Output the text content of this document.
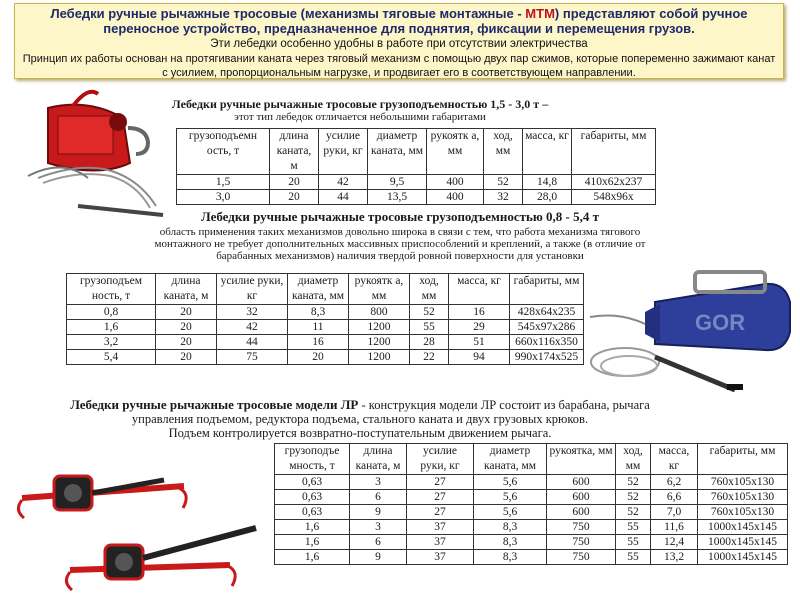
Лебедки ручные рычажные тросовые (механизмы тяговые монтажные - МТМ) представляют собой ручное переносное устройство, предназначенное для поднятия, фиксации и перемещения грузов.
Эти лебедки особенно удобны в работе при отсутствии электричества
Принцип их работы основан на протягивании каната через тяговый механизм с помощью двух пар сжимов, которые попеременно зажимают канат с усилием, пропорциональным нагрузке, и продвигает его в соответствующем направлении.
Лебедки ручные рычажные тросовые грузоподъемностью 1,5 - 3,0 т –
этот тип лебедок отличается небольшими габаритами
грузоподъемн ость, т	длина каната, м	усилие руки, кг	диаметр каната, мм	рукоятк а, мм	ход, мм	масса, кг	габариты, мм
1,5	20	42	9,5	400	52	14,8	410х62х237
3,0	20	44	13,5	400	32	28,0	548х96х
Лебедки ручные рычажные тросовые грузоподъемностью 0,8 - 5,4 т
область применения таких механизмов довольно широка в связи с тем, что работа механизма тягового монтажного не требует дополнительных массивных приспособлений и креплений, а также (в отличие от барабанных механизмов) наличия твердой ровной поверхности для установки
грузоподъем ность, т	длина каната, м	усилие руки, кг	диаметр каната, мм	рукоятк а, мм	ход, мм	масса, кг	габариты, мм
0,8	20	32	8,3	800	52	16	428х64х235
1,6	20	42	11	1200	55	29	545х97х286
3,2	20	44	16	1200	28	51	660х116х350
5,4	20	75	20	1200	22	94	990х174х525
GOR
Лебедки ручные рычажные тросовые модели ЛР - конструкция модели ЛР состоит из барабана, рычага управления подъемом, редуктора подъема, стального каната и двух грузовых крюков.
Подъем контролируется возвратно-поступательным движением рычага.
грузоподъе мность, т	длина каната, м	усилие руки, кг	диаметр каната, мм	рукоятка, мм	ход, мм	масса, кг	габариты, мм
0,63	3	27	5,6	600	52	6,2	760х105х130
0,63	6	27	5,6	600	52	6,6	760х105х130
0,63	9	27	5,6	600	52	7,0	760х105х130
1,6	3	37	8,3	750	55	11,6	1000х145х145
1,6	6	37	8,3	750	55	12,4	1000х145х145
1,6	9	37	8,3	750	55	13,2	1000х145х145
